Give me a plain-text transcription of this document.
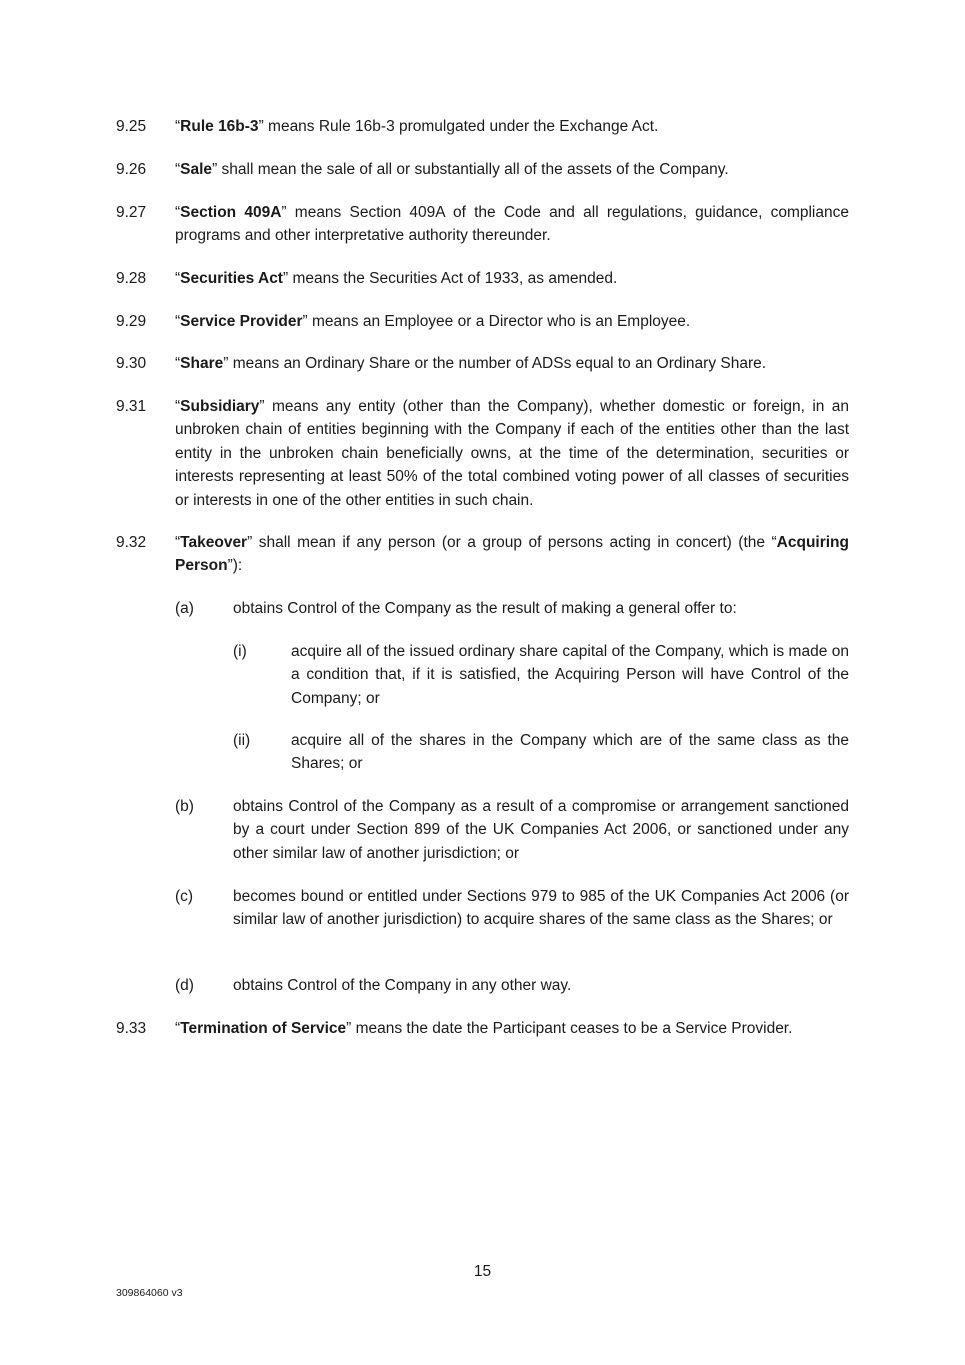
9.25	“Rule 16b-3” means Rule 16b-3 promulgated under the Exchange Act.
9.26	“Sale” shall mean the sale of all or substantially all of the assets of the Company.
9.27	“Section 409A” means Section 409A of the Code and all regulations, guidance, compliance programs and other interpretative authority thereunder.
9.28	“Securities Act” means the Securities Act of 1933, as amended.
9.29	“Service Provider” means an Employee or a Director who is an Employee.
9.30	“Share” means an Ordinary Share or the number of ADSs equal to an Ordinary Share.
9.31	“Subsidiary” means any entity (other than the Company), whether domestic or foreign, in an unbroken chain of entities beginning with the Company if each of the entities other than the last entity in the unbroken chain beneficially owns, at the time of the determination, securities or interests representing at least 50% of the total combined voting power of all classes of securities or interests in one of the other entities in such chain.
9.32	“Takeover” shall mean if any person (or a group of persons acting in concert) (the “Acquiring Person”):
(a)	obtains Control of the Company as the result of making a general offer to:
(i)	acquire all of the issued ordinary share capital of the Company, which is made on a condition that, if it is satisfied, the Acquiring Person will have Control of the Company; or
(ii)	acquire all of the shares in the Company which are of the same class as the Shares; or
(b)	obtains Control of the Company as a result of a compromise or arrangement sanctioned by a court under Section 899 of the UK Companies Act 2006, or sanctioned under any other similar law of another jurisdiction; or
(c)	becomes bound or entitled under Sections 979 to 985 of the UK Companies Act 2006 (or similar law of another jurisdiction) to acquire shares of the same class as the Shares; or
(d)	obtains Control of the Company in any other way.
9.33	“Termination of Service” means the date the Participant ceases to be a Service Provider.
15
309864060 v3
